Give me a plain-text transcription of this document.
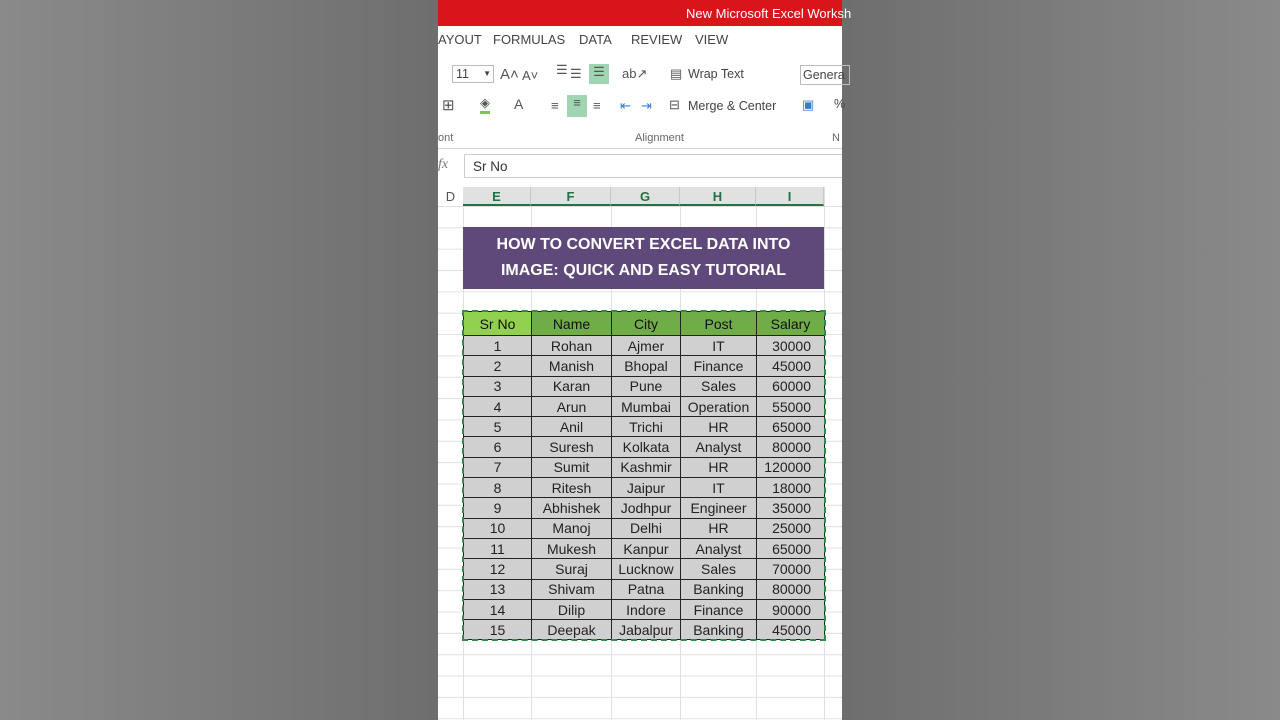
New Microsoft Excel Worksh
AYOUT FORMULAS DATA REVIEW VIEW
11 ▼ A˄ A˅ ☰ ☰ ☰	ab↗ ▤ Wrap Text	Genera
⊞ ◈ A ≡	≡ ≡ ⇤ ⇥ ⊟ Merge & Center ▣ %
ont	Alignment	N
fx	Sr No
D	E	F	G	H	I
HOW TO CONVERT EXCEL DATA INTO
IMAGE: QUICK AND EASY TUTORIAL
Sr No	Name	City	Post	Salary
1	Rohan	Ajmer	IT	30000
2	Manish	Bhopal	Finance	45000
3	Karan	Pune	Sales	60000
4	Arun	Mumbai	Operation	55000
5	Anil	Trichi	HR	65000
6	Suresh	Kolkata	Analyst	80000
7	Sumit	Kashmir	HR	120000
8	Ritesh	Jaipur	IT	18000
9	Abhishek	Jodhpur	Engineer	35000
10	Manoj	Delhi	HR	25000
11	Mukesh	Kanpur	Analyst	65000
12	Suraj	Lucknow	Sales	70000
13	Shivam	Patna	Banking	80000
14	Dilip	Indore	Finance	90000
15	Deepak	Jabalpur	Banking	45000
